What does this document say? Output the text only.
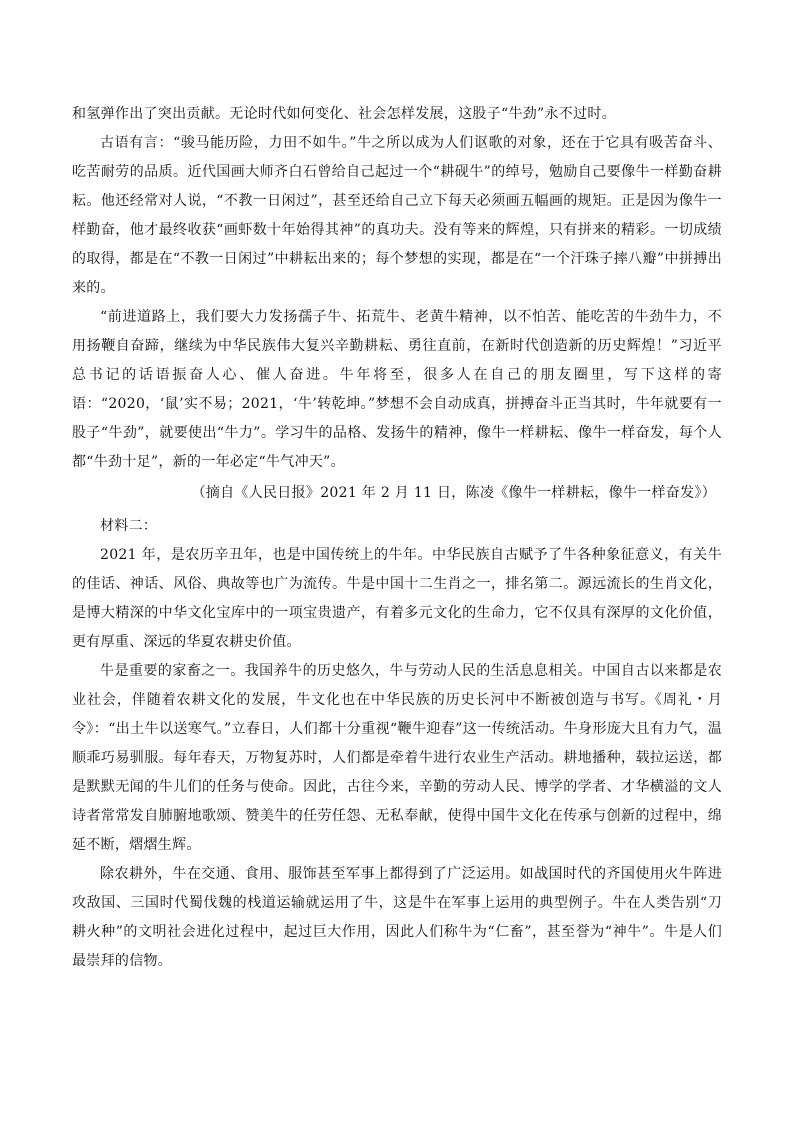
和氢弹作出了突出贡献。无论时代如何变化、社会怎样发展，这股子“牛劲”永不过时。

古语有言：“骏马能历险，力田不如牛。”牛之所以成为人们讴歌的对象，还在于它具有吸苦奋斗、吃苦耐劳的品质。近代国画大师齐白石曾给自己起过一个“耕砚牛”的绰号，勉励自己要像牛一样勤奋耕耘。他还经常对人说，“不教一日闲过”，甚至还给自己立下每天必须画五幅画的规矩。正是因为像牛一样勤奋，他才最终收获“画虾数十年始得其神”的真功夫。没有等来的辉煌，只有拼来的精彩。一切成绩的取得，都是在“不教一日闲过”中耕耘出来的；每个梦想的实现，都是在“一个汗珠子摔八瓣”中拼搏出来的。

“前进道路上，我们要大力发扬孺子牛、拓荒牛、老黄牛精神，以不怕苦、能吃苦的牛劲牛力，不用扬鞭自奋蹄，继续为中华民族伟大复兴辛勤耕耘、勇往直前，在新时代创造新的历史辉煌！”习近平总书记的话语振奋人心、催人奋进。牛年将至，很多人在自己的朋友圈里，写下这样的寄语：“2020，‘鼠’实不易；2021，‘牛’转乾坤。”梦想不会自动成真，拼搏奋斗正当其时，牛年就要有一股子“牛劲”，就要使出“牛力”。学习牛的品格、发扬牛的精神，像牛一样耕耘、像牛一样奋发，每个人都“牛劲十足”，新的一年必定“牛气冲天”。

（摘自《人民日报》2021 年 2 月 11 日，陈凌《像牛一样耕耘，像牛一样奋发》）

材料二：

2021 年，是农历辛丑年，也是中国传统上的牛年。中华民族自古赋予了牛各种象征意义，有关牛的佳话、神话、风俗、典故等也广为流传。牛是中国十二生肖之一，排名第二。源远流长的生肖文化，是博大精深的中华文化宝库中的一项宝贵遗产，有着多元文化的生命力，它不仅具有深厚的文化价值，更有厚重、深远的华夏农耕史价值。

牛是重要的家畜之一。我国养牛的历史悠久，牛与劳动人民的生活息息相关。中国自古以来都是农业社会，伴随着农耕文化的发展，牛文化也在中华民族的历史长河中不断被创造与书写。《周礼・月令》：“出土牛以送寒气。”立春日，人们都十分重视“鞭牛迎春”这一传统活动。牛身形庞大且有力气，温顺乖巧易驯服。每年春天，万物复苏时，人们都是牵着牛进行农业生产活动。耕地播种，载拉运送，都是默默无闻的牛儿们的任务与使命。因此，古往今来，辛勤的劳动人民、博学的学者、才华横溢的文人诗者常常发自肺腑地歌颂、赞美牛的任劳任怨、无私奉献，使得中国牛文化在传承与创新的过程中，绵延不断，熠熠生辉。

除农耕外，牛在交通、食用、服饰甚至军事上都得到了广泛运用。如战国时代的齐国使用火牛阵进攻敌国、三国时代蜀伐魏的栈道运输就运用了牛，这是牛在军事上运用的典型例子。牛在人类告别“刀耕火种”的文明社会进化过程中，起过巨大作用，因此人们称牛为“仁畜”，甚至誉为“神牛”。牛是人们最崇拜的信物。
